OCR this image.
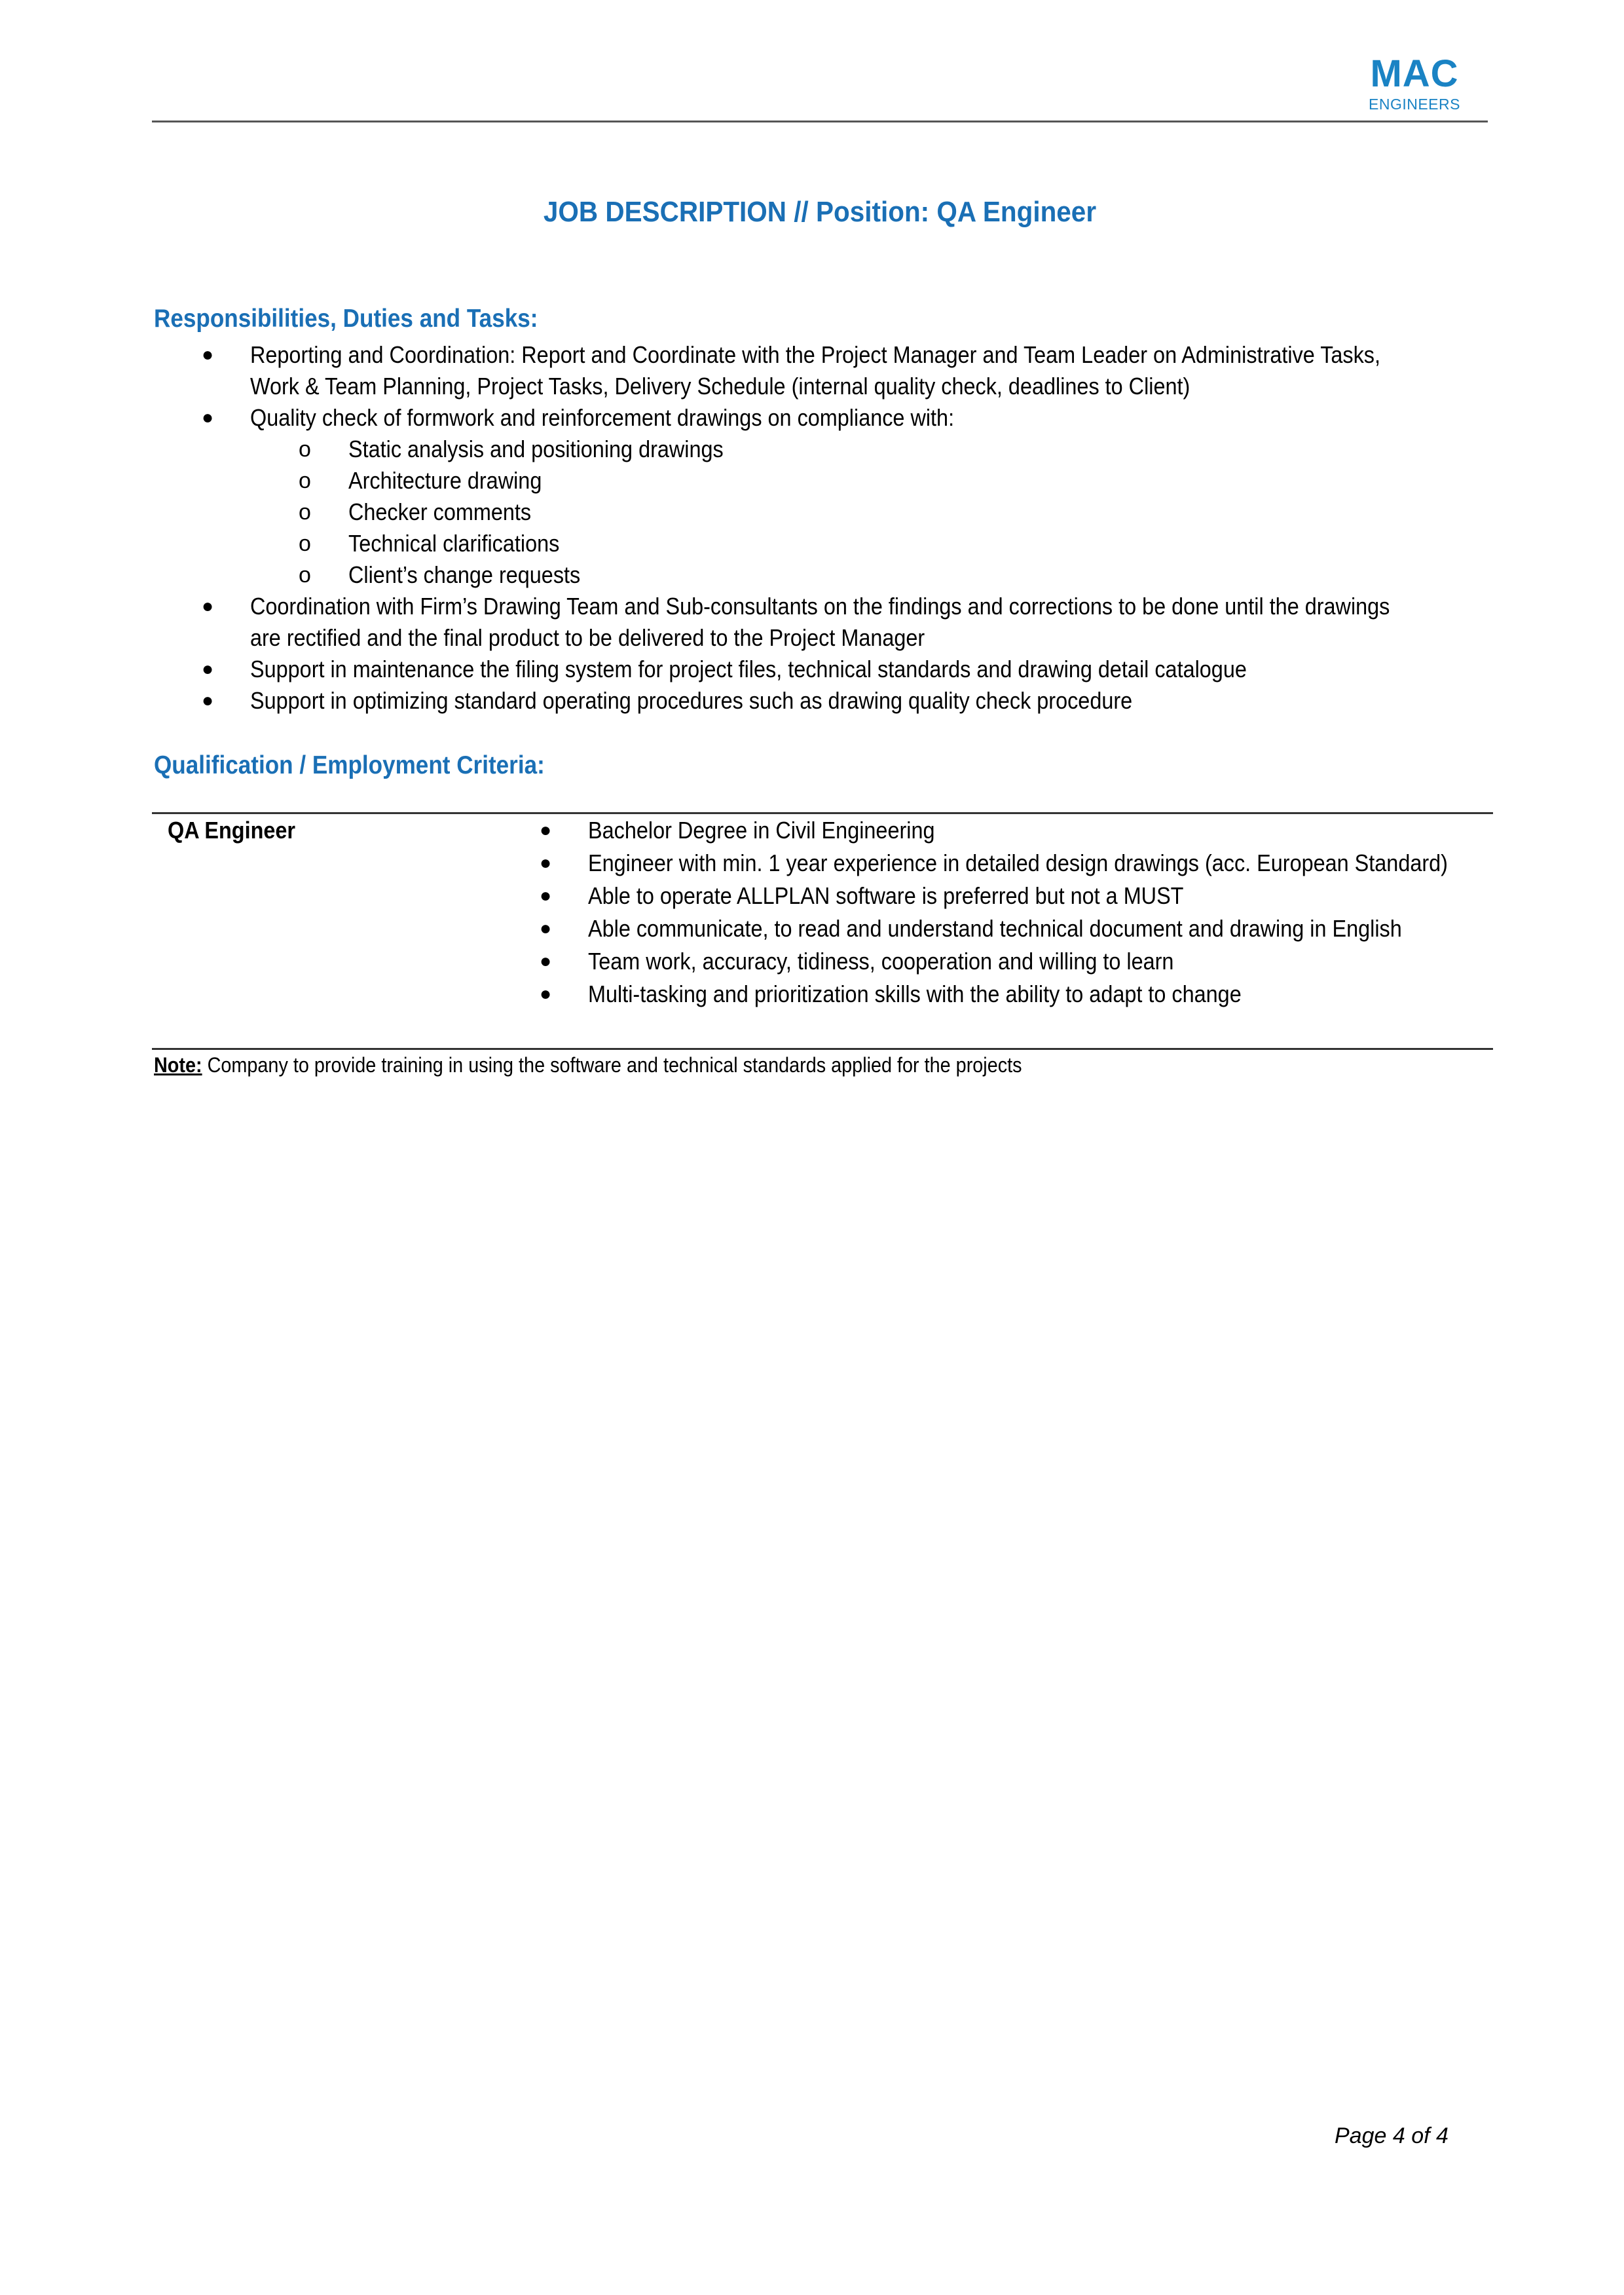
MAC
ENGINEERS
JOB DESCRIPTION // Position: QA Engineer
Responsibilities, Duties and Tasks:
● Reporting and Coordination: Report and Coordinate with the Project Manager and Team Leader on Administrative Tasks,
Work & Team Planning, Project Tasks, Delivery Schedule (internal quality check, deadlines to Client)
● Quality check of formwork and reinforcement drawings on compliance with:
o Static analysis and positioning drawings
o Architecture drawing
o Checker comments
o Technical clarifications
o Client’s change requests
● Coordination with Firm’s Drawing Team and Sub-consultants on the findings and corrections to be done until the drawings
are rectified and the final product to be delivered to the Project Manager
● Support in maintenance the filing system for project files, technical standards and drawing detail catalogue
● Support in optimizing standard operating procedures such as drawing quality check procedure
Qualification / Employment Criteria:
QA Engineer	● Bachelor Degree in Civil Engineering
● Engineer with min. 1 year experience in detailed design drawings (acc. European Standard)
● Able to operate ALLPLAN software is preferred but not a MUST
● Able communicate, to read and understand technical document and drawing in English
● Team work, accuracy, tidiness, cooperation and willing to learn
● Multi-tasking and prioritization skills with the ability to adapt to change
Note: Company to provide training in using the software and technical standards applied for the projects
Page 4 of 4
